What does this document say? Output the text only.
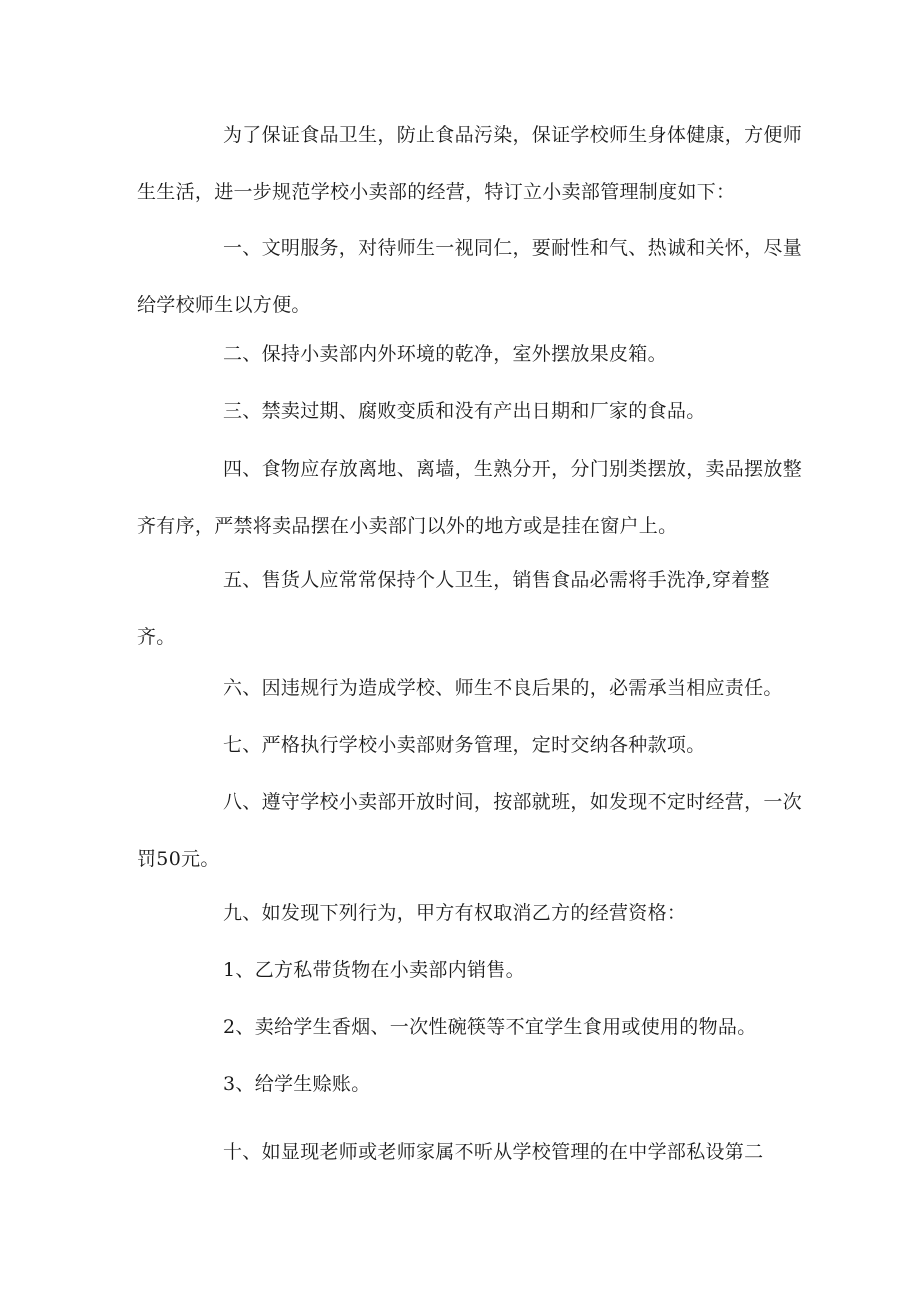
为了保证食品卫生，防止食品污染，保证学校师生身体健康，方便师生生活，进一步规范学校小卖部的经营，特订立小卖部管理制度如下：

一、文明服务，对待师生一视同仁，要耐性和气、热诚和关怀，尽量给学校师生以方便。

二、保持小卖部内外环境的乾净，室外摆放果皮箱。

三、禁卖过期、腐败变质和没有产出日期和厂家的食品。

四、食物应存放离地、离墙，生熟分开，分门别类摆放，卖品摆放整齐有序，严禁将卖品摆在小卖部门以外的地方或是挂在窗户上。

五、售货人应常常保持个人卫生，销售食品必需将手洗净,穿着整齐。

六、因违规行为造成学校、师生不良后果的，必需承当相应责任。

七、严格执行学校小卖部财务管理，定时交纳各种款项。

八、遵守学校小卖部开放时间，按部就班，如发现不定时经营，一次罚50元。

九、如发现下列行为，甲方有权取消乙方的经营资格：

1、乙方私带货物在小卖部内销售。

2、卖给学生香烟、一次性碗筷等不宜学生食用或使用的物品。

3、给学生赊账。

十、如显现老师或老师家属不听从学校管理的在中学部私设第二
